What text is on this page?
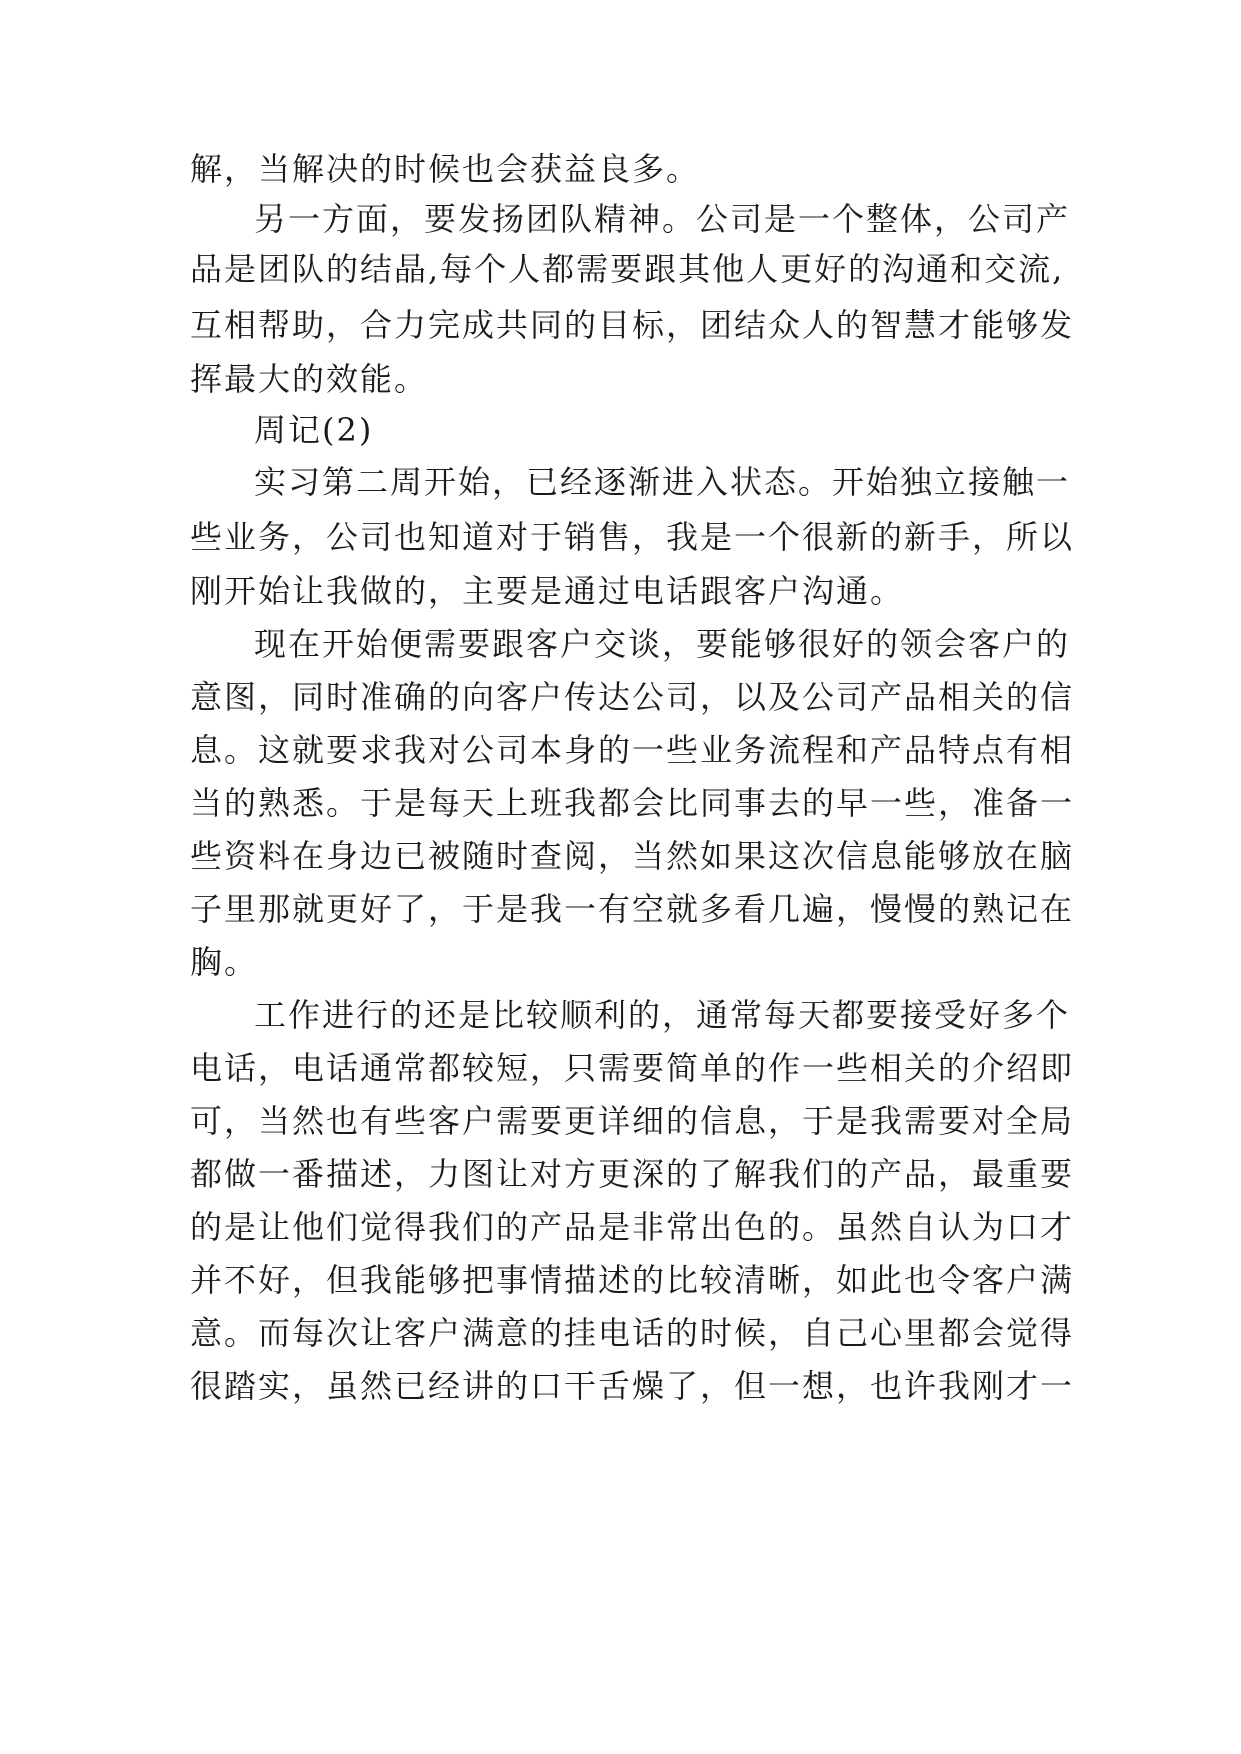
解，当解决的时候也会获益良多。
另一方面，要发扬团队精神。公司是一个整体，公司产
品是团队的结晶,每个人都需要跟其他人更好的沟通和交流,
互相帮助，合力完成共同的目标，团结众人的智慧才能够发
挥最大的效能。
周记(2)
实习第二周开始，已经逐渐进入状态。开始独立接触一
些业务，公司也知道对于销售，我是一个很新的新手，所以
刚开始让我做的，主要是通过电话跟客户沟通。
现在开始便需要跟客户交谈，要能够很好的领会客户的
意图，同时准确的向客户传达公司，以及公司产品相关的信
息。这就要求我对公司本身的一些业务流程和产品特点有相
当的熟悉。于是每天上班我都会比同事去的早一些，准备一
些资料在身边已被随时查阅，当然如果这次信息能够放在脑
子里那就更好了，于是我一有空就多看几遍，慢慢的熟记在
胸。
工作进行的还是比较顺利的，通常每天都要接受好多个
电话，电话通常都较短，只需要简单的作一些相关的介绍即
可，当然也有些客户需要更详细的信息，于是我需要对全局
都做一番描述，力图让对方更深的了解我们的产品，最重要
的是让他们觉得我们的产品是非常出色的。虽然自认为口才
并不好，但我能够把事情描述的比较清晰，如此也令客户满
意。而每次让客户满意的挂电话的时候，自己心里都会觉得
很踏实，虽然已经讲的口干舌燥了，但一想，也许我刚才一
